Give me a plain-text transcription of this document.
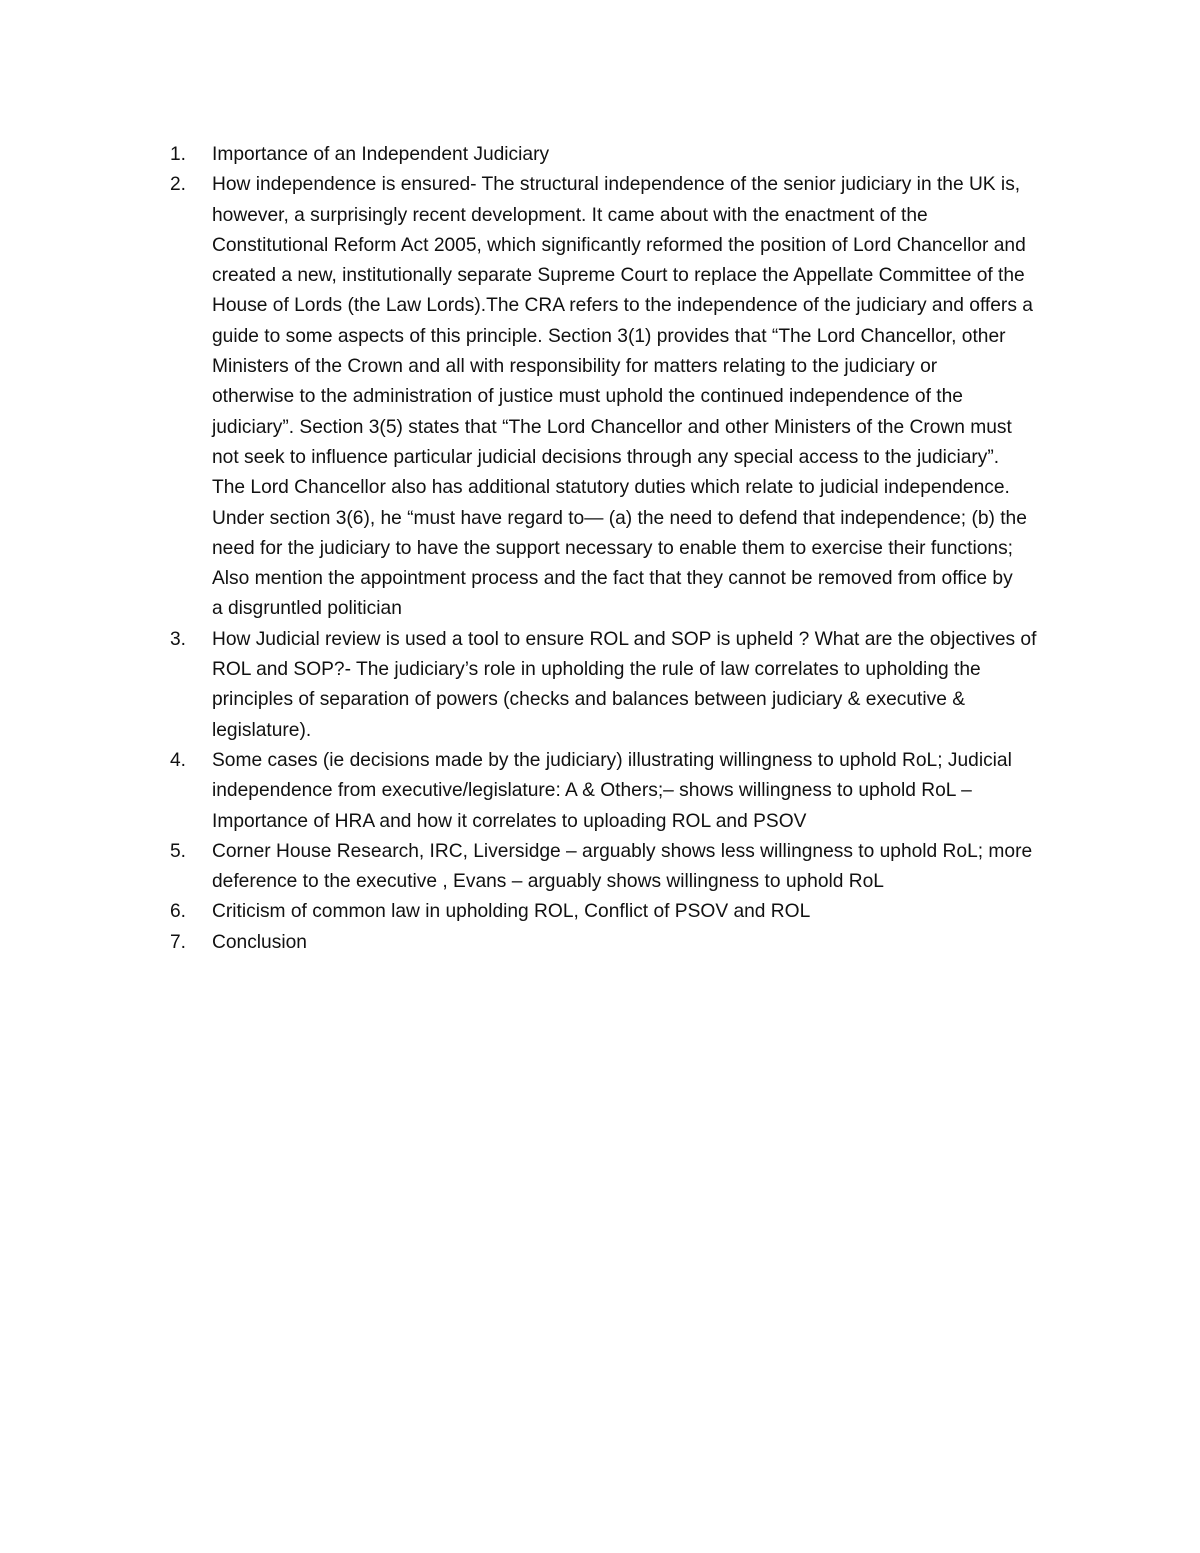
1.	Importance of an Independent Judiciary
2.	How independence is ensured- The structural independence of the senior judiciary in the UK is,
however, a surprisingly recent development. It came about with the enactment of the
Constitutional Reform Act 2005, which significantly reformed the position of Lord Chancellor and
created a new, institutionally separate Supreme Court to replace the Appellate Committee of the
House of Lords (the Law Lords).The CRA refers to the independence of the judiciary and offers a
guide to some aspects of this principle. Section 3(1) provides that “The Lord Chancellor, other
Ministers of the Crown and all with responsibility for matters relating to the judiciary or
otherwise to the administration of justice must uphold the continued independence of the
judiciary”. Section 3(5) states that “The Lord Chancellor and other Ministers of the Crown must
not seek to influence particular judicial decisions through any special access to the judiciary”.
The Lord Chancellor also has additional statutory duties which relate to judicial independence.
Under section 3(6), he “must have regard to— (a) the need to defend that independence; (b) the
need for the judiciary to have the support necessary to enable them to exercise their functions;
Also mention the appointment process and the fact that they cannot be removed from office by
a disgruntled politician
3.	How Judicial review is used a tool to ensure ROL and SOP is upheld ? What are the objectives of
ROL and SOP?- The judiciary’s role in upholding the rule of law correlates to upholding the
principles of separation of powers (checks and balances between judiciary & executive &
legislature).
4.	Some cases (ie decisions made by the judiciary) illustrating willingness to uphold RoL; Judicial
independence from executive/legislature: A & Others;– shows willingness to uphold RoL –
Importance of HRA and how it correlates to uploading ROL and PSOV
5.	Corner House Research, IRC, Liversidge – arguably shows less willingness to uphold RoL; more
deference to the executive , Evans – arguably shows willingness to uphold RoL
6.	Criticism of common law in upholding ROL, Conflict of PSOV and ROL
7.	Conclusion
